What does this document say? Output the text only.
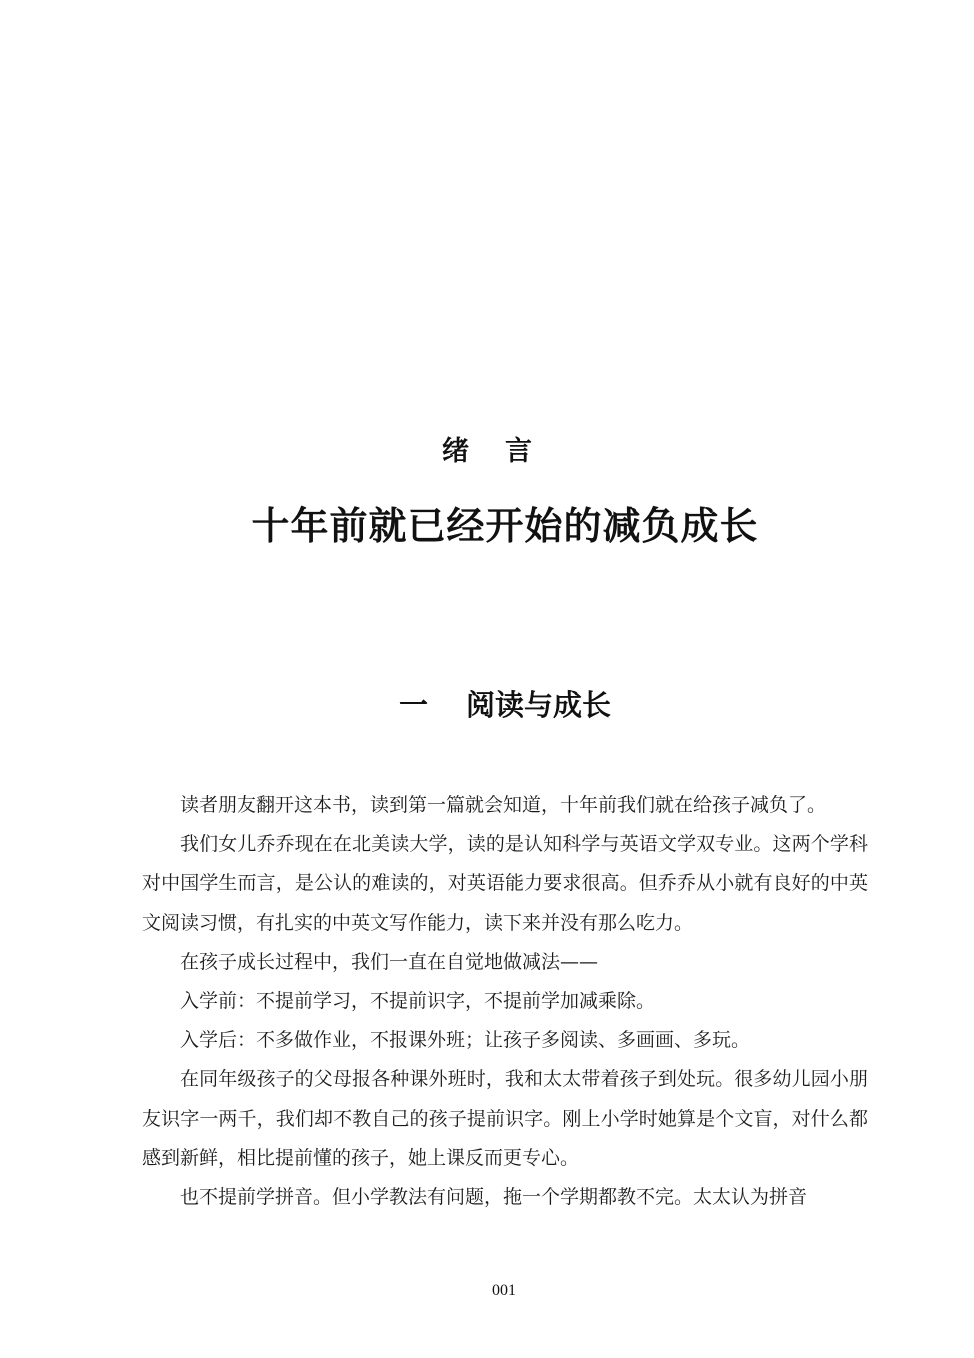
绪言
十年前就已经开始的减负成长
一 阅读与成长

读者朋友翻开这本书，读到第一篇就会知道，十年前我们就在给孩子减负了。

我们女儿乔乔现在在北美读大学，读的是认知科学与英语文学双专业。这两个学科对中国学生而言，是公认的难读的，对英语能力要求很高。但乔乔从小就有良好的中英文阅读习惯，有扎实的中英文写作能力，读下来并没有那么吃力。

在孩子成长过程中，我们一直在自觉地做减法——

入学前：不提前学习，不提前识字，不提前学加减乘除。

入学后：不多做作业，不报课外班；让孩子多阅读、多画画、多玩。

在同年级孩子的父母报各种课外班时，我和太太带着孩子到处玩。很多幼儿园小朋友识字一两千，我们却不教自己的孩子提前识字。刚上小学时她算是个文盲，对什么都感到新鲜，相比提前懂的孩子，她上课反而更专心。

也不提前学拼音。但小学教法有问题，拖一个学期都教不完。太太认为拼音

001
